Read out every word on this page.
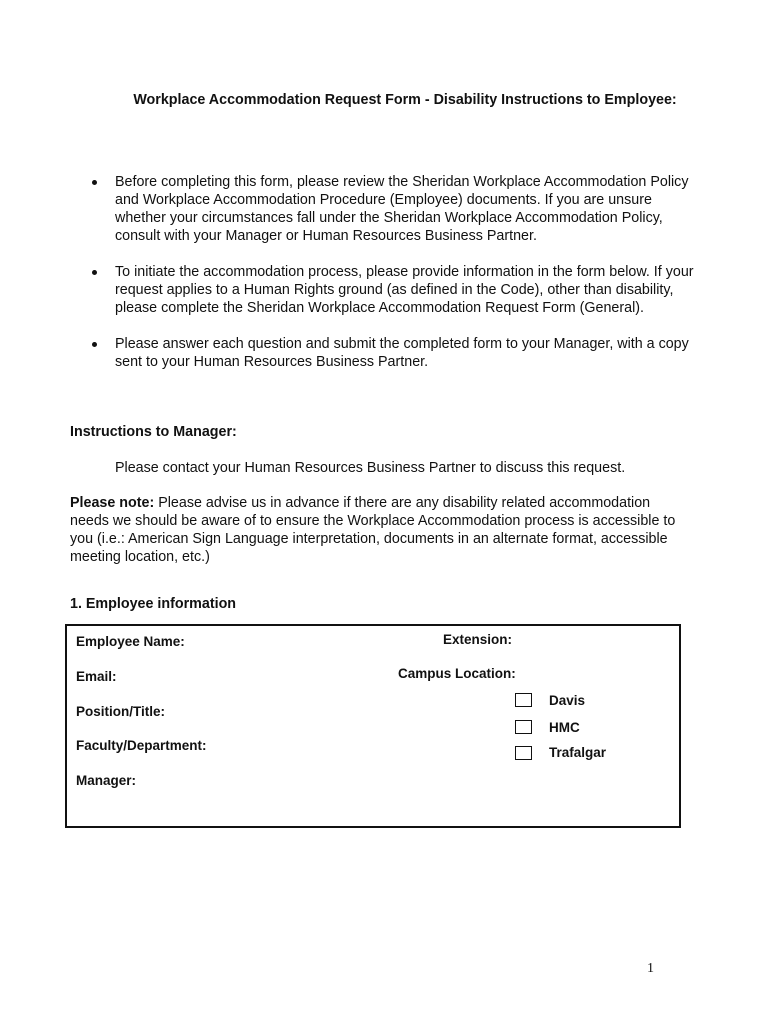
Workplace Accommodation Request Form - Disability Instructions to Employee:
Before completing this form, please review the Sheridan Workplace Accommodation Policy and Workplace Accommodation Procedure (Employee) documents. If you are unsure whether your circumstances fall under the Sheridan Workplace Accommodation Policy, consult with your Manager or Human Resources Business Partner.
To initiate the accommodation process, please provide information in the form below. If your request applies to a Human Rights ground (as defined in the Code), other than disability, please complete the Sheridan Workplace Accommodation Request Form (General).
Please answer each question and submit the completed form to your Manager, with a copy sent to your Human Resources Business Partner.
Instructions to Manager:
Please contact your Human Resources Business Partner to discuss this request.
Please note: Please advise us in advance if there are any disability related accommodation needs we should be aware of to ensure the Workplace Accommodation process is accessible to you (i.e.: American Sign Language interpretation, documents in an alternate format, accessible meeting location, etc.)
1. Employee information
Employee Name:
Email:
Position/Title:
Faculty/Department:
Manager:
Extension:
Campus Location:
Davis
HMC
Trafalgar
1
